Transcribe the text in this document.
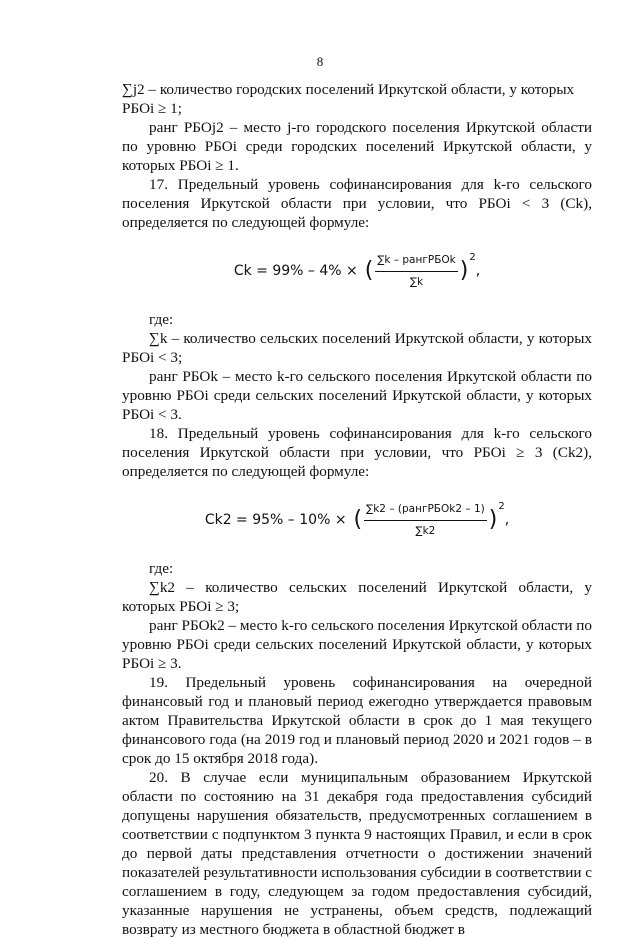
8

∑j2 – количество городских поселений Иркутской области, у которых

РБОi ≥ 1;

ранг РБОj2 – место j-го городского поселения Иркутской области по уровню РБОi среди городских поселений Иркутской области, у которых РБОi ≥ 1.

17. Предельный уровень софинансирования для k-го сельского поселения Иркутской области при условии, что РБОi < 3 (Ck), определяется по следующей формуле:

Ck = 99% – 4% × ( $\frac{\text{∑k – рангРБОk}}{\sum k}$ )
2
,

где:

∑k – количество сельских поселений Иркутской области, у которых РБОi < 3;

ранг РБОk – место k-го сельского поселения Иркутской области по уровню РБОi среди сельских поселений Иркутской области, у которых РБОi < 3.

18. Предельный уровень софинансирования для k-го сельского поселения Иркутской области при условии, что РБОi ≥ 3 (Ck2), определяется по следующей формуле:

Ck2 = 95% – 10% × ( $\frac{\text{∑k2 – (рангРБОk2 – 1)}}{\sum k2}$ )
2
,

где:

∑k2 – количество сельских поселений Иркутской области, у которых РБОi ≥ 3;

ранг РБОk2 – место k-го сельского поселения Иркутской области по уровню РБОi среди сельских поселений Иркутской области, у которых РБОi ≥ 3.

19. Предельный уровень софинансирования на очередной финансовый год и плановый период ежегодно утверждается правовым актом Правительства Иркутской области в срок до 1 мая текущего финансового года (на 2019 год и плановый период 2020 и 2021 годов – в срок до 15 октября 2018 года).

20. В случае если муниципальным образованием Иркутской области по состоянию на 31 декабря года предоставления субсидий допущены нарушения обязательств, предусмотренных соглашением в соответствии с подпунктом 3 пункта 9 настоящих Правил, и если в срок до первой даты представления отчетности о достижении значений показателей результативности использования субсидии в соответствии с соглашением в году, следующем за годом предоставления субсидий, указанные нарушения не устранены, объем средств, подлежащий возврату из местного бюджета в областной бюджет в
